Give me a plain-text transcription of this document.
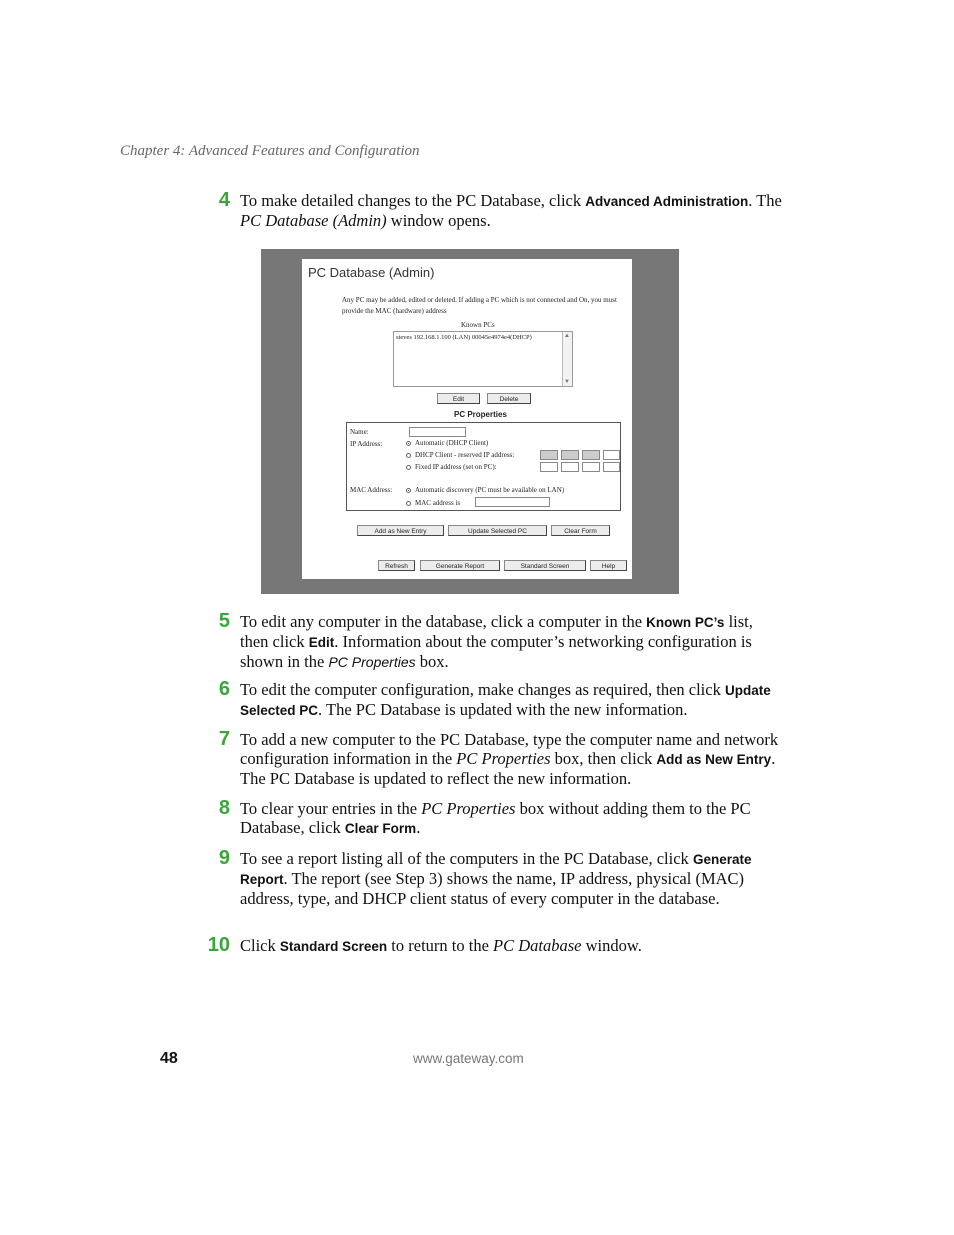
Chapter 4: Advanced Features and Configuration
4 To make detailed changes to the PC Database, click Advanced Administration. The PC Database (Admin) window opens.
PC Database (Admin)
Any PC may be added, edited or deleted. If adding a PC which is not connected and On, you must provide the MAC (hardware) address
Known PCs
steves 192.168.1.100 (LAN) 00045e4974e4(DHCP)	▲
▼
Edit	Delete
PC Properties
Name:
IP Address:	Automatic (DHCP Client)
DHCP Client - reserved IP address:
Fixed IP address (set on PC):
MAC Address:	Automatic discovery (PC must be available on LAN)
MAC address is
Add as New Entry	Update Selected PC	Clear Form
Refresh	Generate Report	Standard Screen	Help
5 To edit any computer in the database, click a computer in the Known PC’s list, then click Edit. Information about the computer’s networking configuration is shown in the PC Properties box.
6 To edit the computer configuration, make changes as required, then click Update Selected PC. The PC Database is updated with the new information.
7 To add a new computer to the PC Database, type the computer name and network configuration information in the PC Properties box, then click Add as New Entry. The PC Database is updated to reflect the new information.
8 To clear your entries in the PC Properties box without adding them to the PC Database, click Clear Form.
9 To see a report listing all of the computers in the PC Database, click Generate Report. The report (see Step 3) shows the name, IP address, physical (MAC) address, type, and DHCP client status of every computer in the database.
10 Click Standard Screen to return to the PC Database window.
48	www.gateway.com
